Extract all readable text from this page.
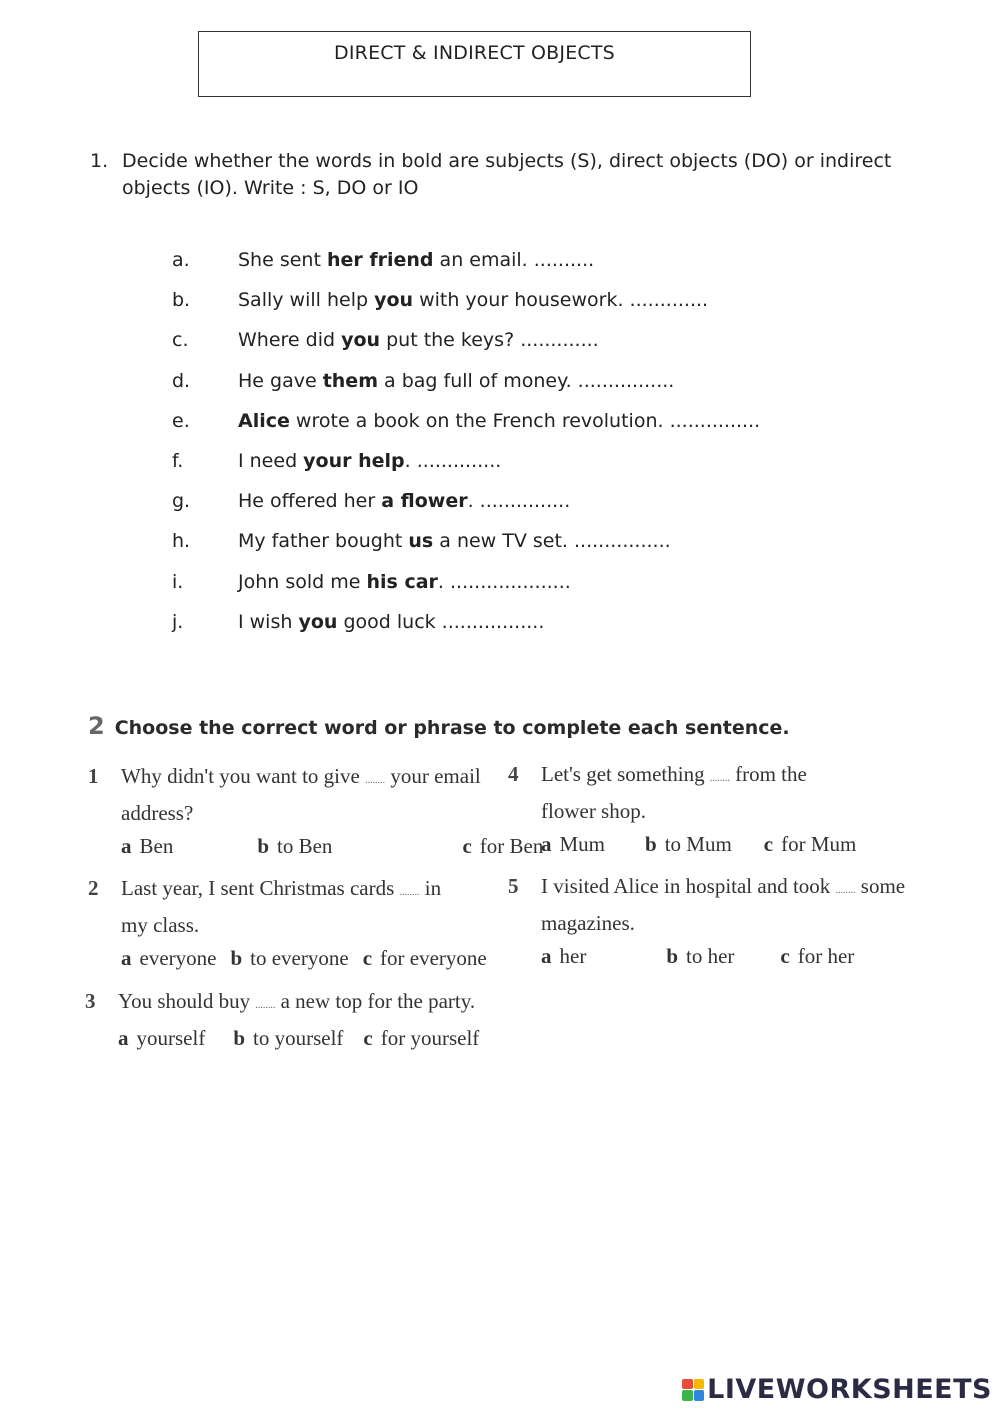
DIRECT & INDIRECT OBJECTS
1. Decide whether the words in bold are subjects (S), direct objects (DO) or indirect objects (IO). Write : S, DO or IO
a.	She sent her friend an email. ..........
b.	Sally will help you with your housework. .............
c.	Where did you put the keys? .............
d.	He gave them a bag full of money. ................
e.	Alice wrote a book on the French revolution. ...............
f.	I need your help. ..............
g.	He offered her a flower. ...............
h.	My father bought us a new TV set. ................
i.	John sold me his car. ....................
j.	I wish you good luck .................
2 Choose the correct word or phrase to complete each sentence.
1 Why didn't you want to give ........ your email
address?
a Ben	b to Ben	c for Ben
2 Last year, I sent Christmas cards ........ in
my class.
a everyone b to everyone c for everyone
3 You should buy ........ a new top for the party.
a yourself b to yourself c for yourself
4 Let's get something ........ from the
flower shop.
a Mum b to Mum c for Mum
5 I visited Alice in hospital and took ........ some
magazines.
a her	b to her c for her
LIVEWORKSHEETS
